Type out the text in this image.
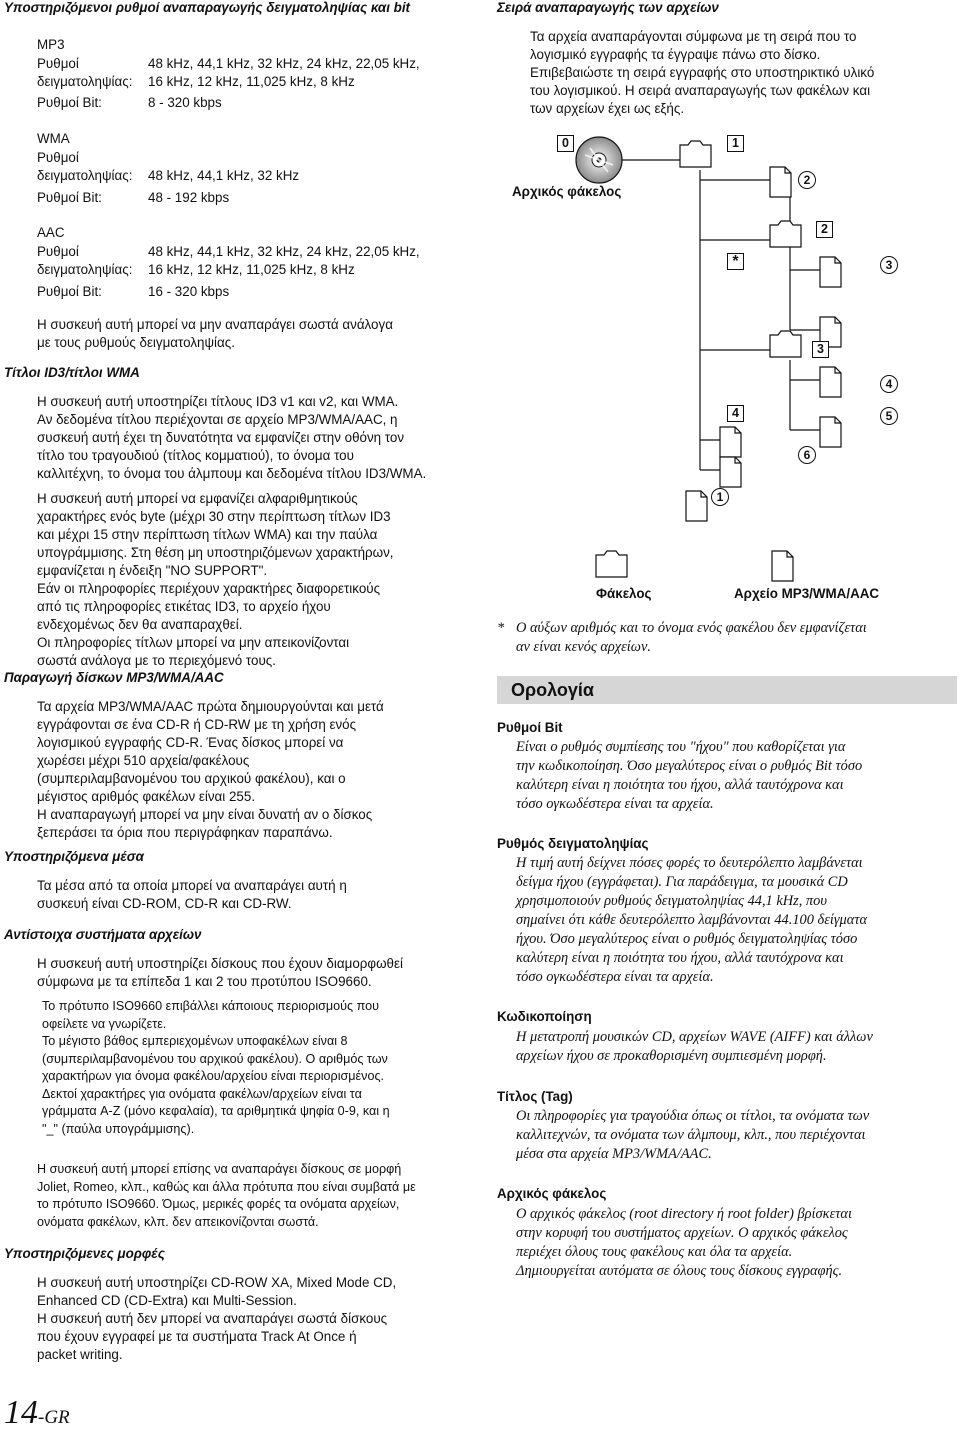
Υποστηριζόμενοι ρυθμοί αναπαραγωγής δειγματοληψίας και bit
MP3
Ρυθμοί
δειγματοληψίας:
48 kHz, 44,1 kHz, 32 kHz, 24 kHz, 22,05 kHz,
16 kHz, 12 kHz, 11,025 kHz, 8 kHz
Ρυθμοί Bit:	8 - 320 kbps
WMA
Ρυθμοί
δειγματοληψίας: 48 kHz, 44,1 kHz, 32 kHz
Ρυθμοί Bit:	48 - 192 kbps
AAC
Ρυθμοί
δειγματοληψίας:
48 kHz, 44,1 kHz, 32 kHz, 24 kHz, 22,05 kHz,
16 kHz, 12 kHz, 11,025 kHz, 8 kHz
Ρυθμοί Bit:	16 - 320 kbps
Η συσκευή αυτή μπορεί να μην αναπαράγει σωστά ανάλογα
με τους ρυθμούς δειγματοληψίας.
Τίτλοι ID3/τίτλοι WMA
Η συσκευή αυτή υποστηρίζει τίτλους ID3 v1 και v2, και WMA.
Αν δεδομένα τίτλου περιέχονται σε αρχείο MP3/WMA/AAC, η
συσκευή αυτή έχει τη δυνατότητα να εμφανίζει στην οθόνη τον
τίτλο του τραγουδιού (τίτλος κομματιού), το όνομα του
καλλιτέχνη, το όνομα του άλμπουμ και δεδομένα τίτλου ID3/WMA.
Η συσκευή αυτή μπορεί να εμφανίζει αλφαριθμητικούς
χαρακτήρες ενός byte (μέχρι 30 στην περίπτωση τίτλων ID3
και μέχρι 15 στην περίπτωση τίτλων WMA) και την παύλα
υπογράμμισης. Στη θέση μη υποστηριζόμενων χαρακτήρων,
εμφανίζεται η ένδειξη "NO SUPPORT".
Εάν οι πληροφορίες περιέχουν χαρακτήρες διαφορετικούς
από τις πληροφορίες ετικέτας ID3, το αρχείο ήχου
ενδεχομένως δεν θα αναπαραχθεί.
Οι πληροφορίες τίτλων μπορεί να μην απεικονίζονται
σωστά ανάλογα με το περιεχόμενό τους.
Παραγωγή δίσκων MP3/WMA/AAC
Τα αρχεία MP3/WMA/AAC πρώτα δημιουργούνται και μετά
εγγράφονται σε ένα CD-R ή CD-RW με τη χρήση ενός
λογισμικού εγγραφής CD-R. Ένας δίσκος μπορεί να
χωρέσει μέχρι 510 αρχεία/φακέλους
(συμπεριλαμβανομένου του αρχικού φακέλου), και ο
μέγιστος αριθμός φακέλων είναι 255.
Η αναπαραγωγή μπορεί να μην είναι δυνατή αν ο δίσκος
ξεπεράσει τα όρια που περιγράφηκαν παραπάνω.
Υποστηριζόμενα μέσα
Τα μέσα από τα οποία μπορεί να αναπαράγει αυτή η
συσκευή είναι CD-ROM, CD-R και CD-RW.
Αντίστοιχα συστήματα αρχείων
Η συσκευή αυτή υποστηρίζει δίσκους που έχουν διαμορφωθεί
σύμφωνα με τα επίπεδα 1 και 2 του προτύπου ISO9660.
Το πρότυπο ISO9660 επιβάλλει κάποιους περιορισμούς που
οφείλετε να γνωρίζετε.
Το μέγιστο βάθος εμπεριεχομένων υποφακέλων είναι 8
(συμπεριλαμβανομένου του αρχικού φακέλου). Ο αριθμός των
χαρακτήρων για όνομα φακέλου/αρχείου είναι περιορισμένος.
Δεκτοί χαρακτήρες για ονόματα φακέλων/αρχείων είναι τα
γράμματα A-Z (μόνο κεφαλαία), τα αριθμητικά ψηφία 0-9, και η
"_" (παύλα υπογράμμισης).
Η συσκευή αυτή μπορεί επίσης να αναπαράγει δίσκους σε μορφή
Joliet, Romeo, κλπ., καθώς και άλλα πρότυπα που είναι συμβατά με
το πρότυπο ISO9660. Όμως, μερικές φορές τα ονόματα αρχείων,
ονόματα φακέλων, κλπ. δεν απεικονίζονται σωστά.
Υποστηριζόμενες μορφές
Η συσκευή αυτή υποστηρίζει CD-ROW XA, Mixed Mode CD,
Enhanced CD (CD-Extra) και Multi-Session.
Η συσκευή αυτή δεν μπορεί να αναπαράγει σωστά δίσκους
που έχουν εγγραφεί με τα συστήματα Track At Once ή
packet writing.
Σειρά αναπαραγωγής των αρχείων
Τα αρχεία αναπαράγονται σύμφωνα με τη σειρά που το
λογισμικό εγγραφής τα έγγραψε πάνω στο δίσκο.
Επιβεβαιώστε τη σειρά εγγραφής στο υποστηρικτικό υλικό
του λογισμικού. Η σειρά αναπαραγωγής των φακέλων και
των αρχείων έχει ως εξής.
Αρχικός φάκελος
Φάκελος	Αρχείο MP3/WMA/AAC
0	1
2
3
4
*
2
3
4
5
6
1
* Ο αύξων αριθμός και το όνομα ενός φακέλου δεν εμφανίζεται
αν είναι κενός αρχείων.
Ορολογία
Ρυθμοί Bit
Είναι ο ρυθμός συμπίεσης του "ήχου" που καθορίζεται για
την κωδικοποίηση. Όσο μεγαλύτερος είναι ο ρυθμός Bit τόσο
καλύτερη είναι η ποιότητα του ήχου, αλλά ταυτόχρονα και
τόσο ογκωδέστερα είναι τα αρχεία.
Ρυθμός δειγματοληψίας
Η τιμή αυτή δείχνει πόσες φορές το δευτερόλεπτο λαμβάνεται
δείγμα ήχου (εγγράφεται). Για παράδειγμα, τα μουσικά CD
χρησιμοποιούν ρυθμούς δειγματοληψίας 44,1 kHz, που
σημαίνει ότι κάθε δευτερόλεπτο λαμβάνονται 44.100 δείγματα
ήχου. Όσο μεγαλύτερος είναι ο ρυθμός δειγματοληψίας τόσο
καλύτερη είναι η ποιότητα του ήχου, αλλά ταυτόχρονα και
τόσο ογκωδέστερα είναι τα αρχεία.
Κωδικοποίηση
Η μετατροπή μουσικών CD, αρχείων WAVE (AIFF) και άλλων
αρχείων ήχου σε προκαθορισμένη συμπιεσμένη μορφή.
Τίτλος (Tag)
Οι πληροφορίες για τραγούδια όπως οι τίτλοι, τα ονόματα των
καλλιτεχνών, τα ονόματα των άλμπουμ, κλπ., που περιέχονται
μέσα στα αρχεία MP3/WMA/AAC.
Αρχικός φάκελος
Ο αρχικός φάκελος (root directory ή root folder) βρίσκεται
στην κορυφή του συστήματος αρχείων. Ο αρχικός φάκελος
περιέχει όλους τους φακέλους και όλα τα αρχεία.
Δημιουργείται αυτόματα σε όλους τους δίσκους εγγραφής.
14-GR
